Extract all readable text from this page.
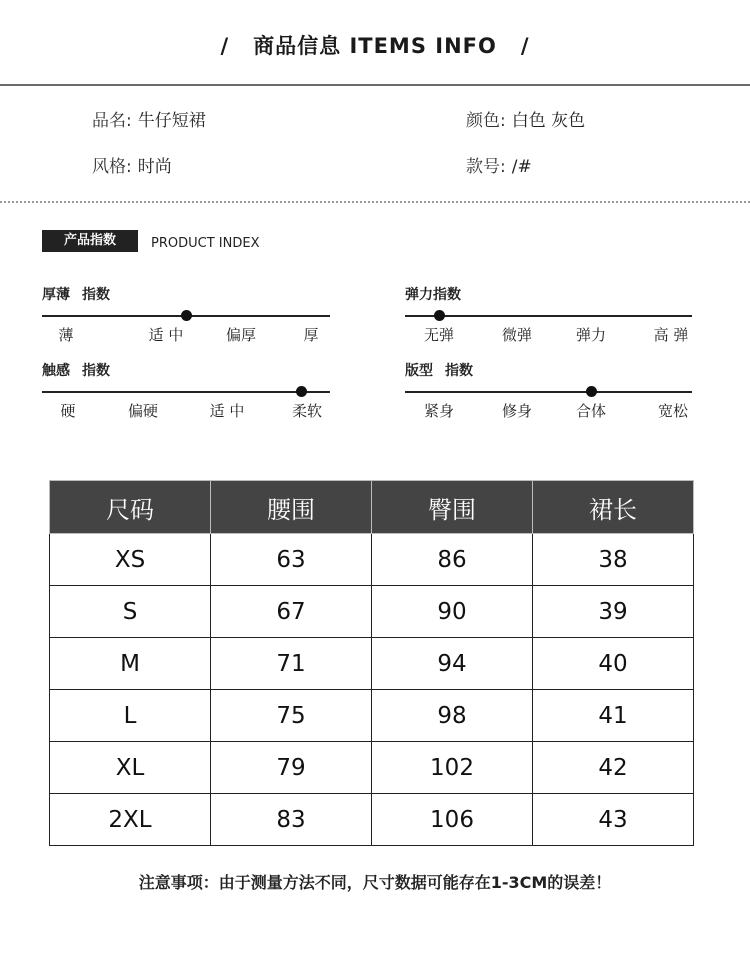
/ 商品信息 ITEMS INFO /
品名: 牛仔短裙	颜色: 白色 灰色
风格: 时尚	款号: /#
产品指数	PRODUCT INDEX
厚薄 指数
薄	适 中	偏厚	厚
弹力指数
无弹	微弹	弹力	高 弹
触感 指数
硬	偏硬	适 中	柔软
版型 指数
紧身	修身	合体	宽松
尺码	腰围	臀围	裙长
XS	63	86	38
S	67	90	39
M	71	94	40
L	75	98	41
XL	79	102	42
2XL	83	106	43
注意事项：由于测量方法不同，尺寸数据可能存在1-3CM的误差！
